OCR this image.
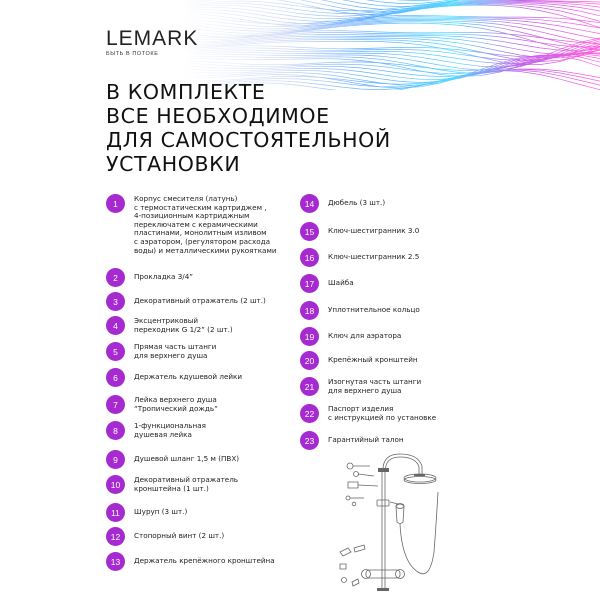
LEMARK
БЫТЬ В ПОТОКЕ
В КОМПЛЕКТЕ
ВСЕ НЕОБХОДИМОЕ
ДЛЯ САМОСТОЯТЕЛЬНОЙ
УСТАНОВКИ
1	Корпус смесителя (латунь)
с термостатическим картриджем ,
4-позиционным картриджным
переключатем с керамическими
пластинами, монолитным изливом
с аэратором, (регулятором расхода
воды) и металлическими рукоятками
2	Прокладка 3/4”
3	Декоративный отражатель (2 шт.)
4	Эксцентриковый
переходник G 1/2” (2 шт.)
5	Прямая часть штанги
для верхнего душа
6	Держатель кдушевой лейки
7	Лейка верхнего душа
“Тропический дождь”
8	1-функциональная
душевая лейка
9	Душевой шланг 1,5 м (ПВХ)
10	Декоративный отражатель
кронштейна (1 шт.)
11	Шуруп (3 шт.)
12	Стопорный винт (2 шт.)
13	Держатель крепёжного кронштейна
14	Дюбель (3 шт.)
15	Ключ-шестигранник 3.0
16	Ключ-шестигранник 2.5
17	Шайба
18	Уплотнительное кольцо
19	Ключ для аэратора
20	Крепёжный кронштейн
21	Изогнутая часть штанги
для верхнего душа
22	Паспорт изделия
с инструкцией по установке
23	Гарантийный талон
